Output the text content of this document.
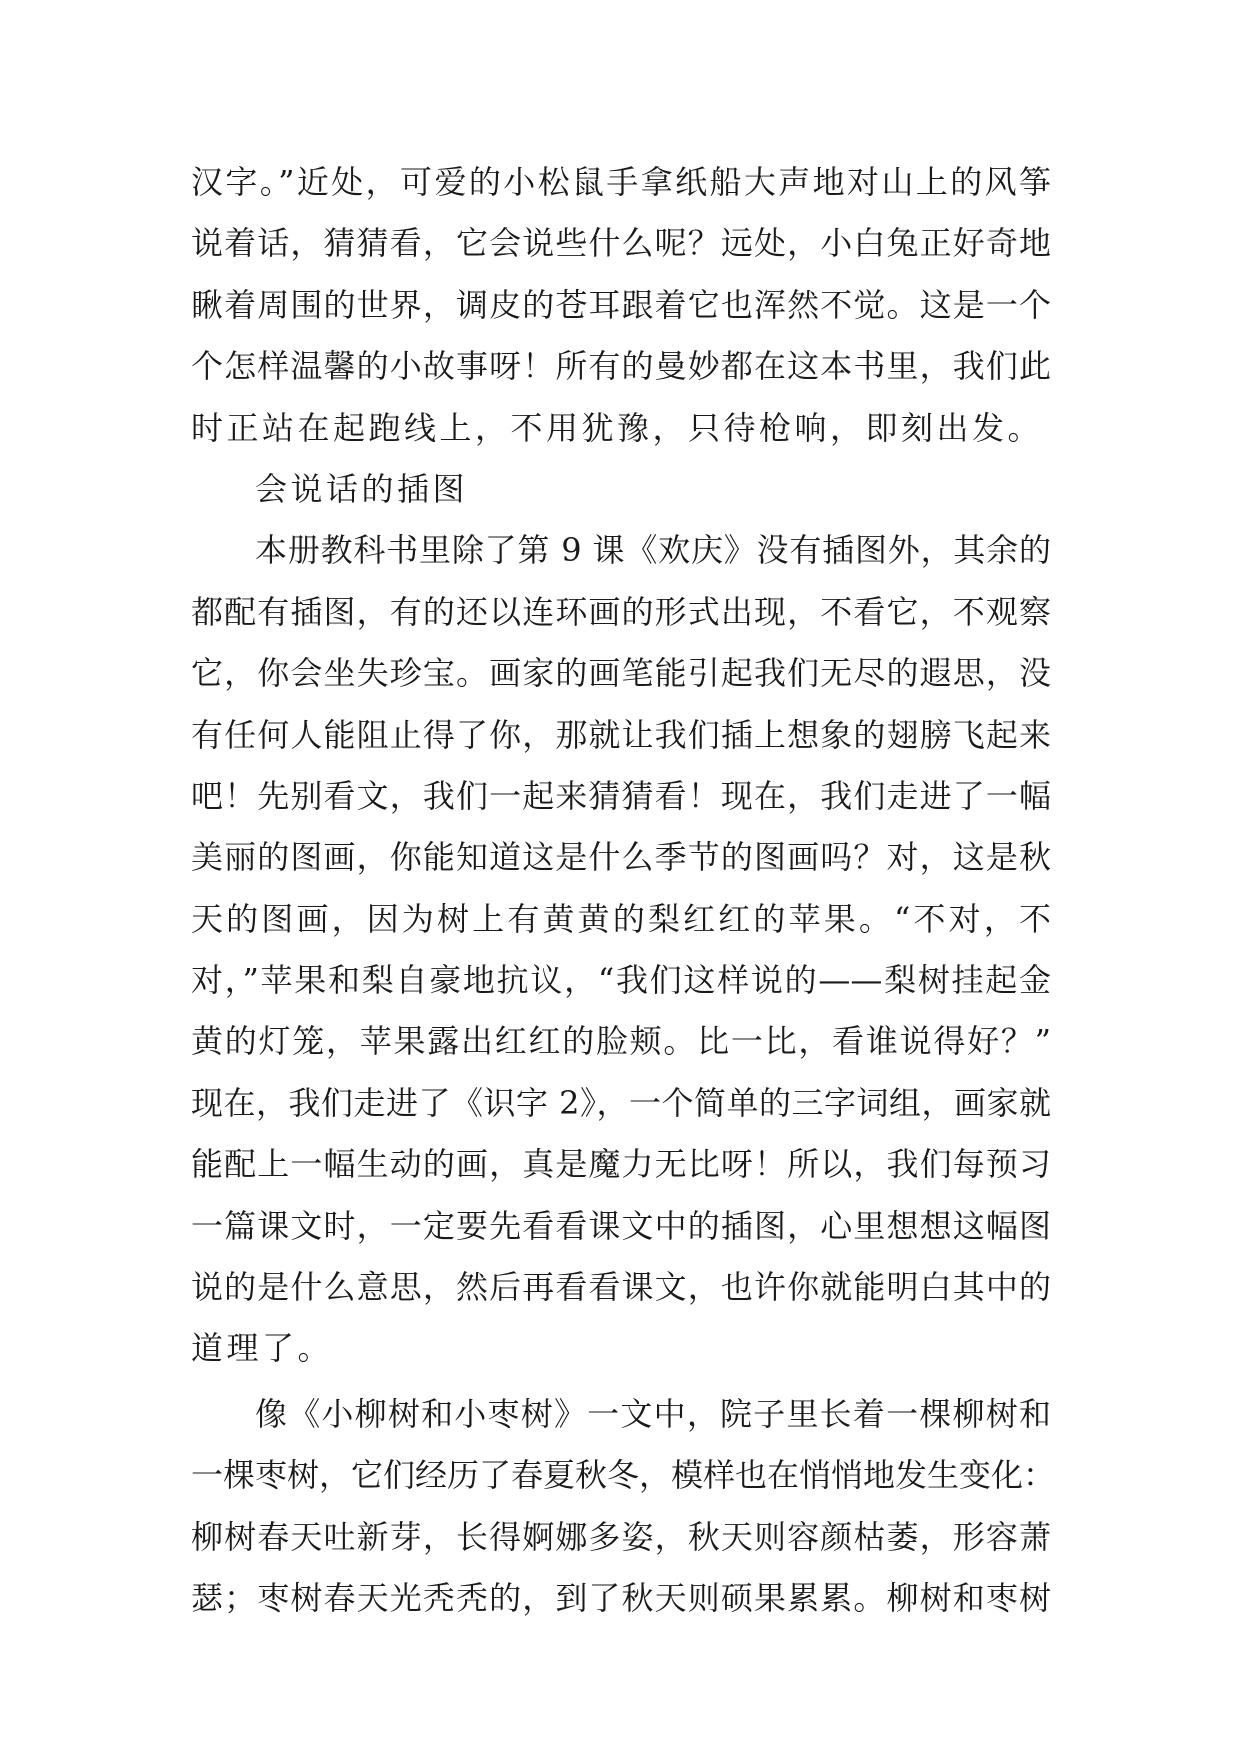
汉字。”近处，可爱的小松鼠手拿纸船大声地对山上的风筝
说着话，猜猜看，它会说些什么呢？远处，小白兔正好奇地
瞅着周围的世界，调皮的苍耳跟着它也浑然不觉。这是一个
个怎样温馨的小故事呀！所有的曼妙都在这本书里，我们此
时正站在起跑线上，不用犹豫，只待枪响，即刻出发。
会说话的插图
本册教科书里除了第 9 课《欢庆》没有插图外，其余的
都配有插图，有的还以连环画的形式出现，不看它，不观察
它，你会坐失珍宝。画家的画笔能引起我们无尽的遐思，没
有任何人能阻止得了你，那就让我们插上想象的翅膀飞起来
吧！先别看文，我们一起来猜猜看！现在，我们走进了一幅
美丽的图画，你能知道这是什么季节的图画吗？对，这是秋
天的图画，因为树上有黄黄的梨红红的苹果。“不对，不
对，”苹果和梨自豪地抗议，“我们这样说的——梨树挂起金
黄的灯笼，苹果露出红红的脸颊。比一比，看谁说得好？”
现在，我们走进了《识字 2》，一个简单的三字词组，画家就
能配上一幅生动的画，真是魔力无比呀！所以，我们每预习
一篇课文时，一定要先看看课文中的插图，心里想想这幅图
说的是什么意思，然后再看看课文，也许你就能明白其中的
道理了。
像《小柳树和小枣树》一文中，院子里长着一棵柳树和
一棵枣树，它们经历了春夏秋冬，模样也在悄悄地发生变化：
柳树春天吐新芽，长得婀娜多姿，秋天则容颜枯萎，形容萧
瑟；枣树春天光秃秃的，到了秋天则硕果累累。柳树和枣树
